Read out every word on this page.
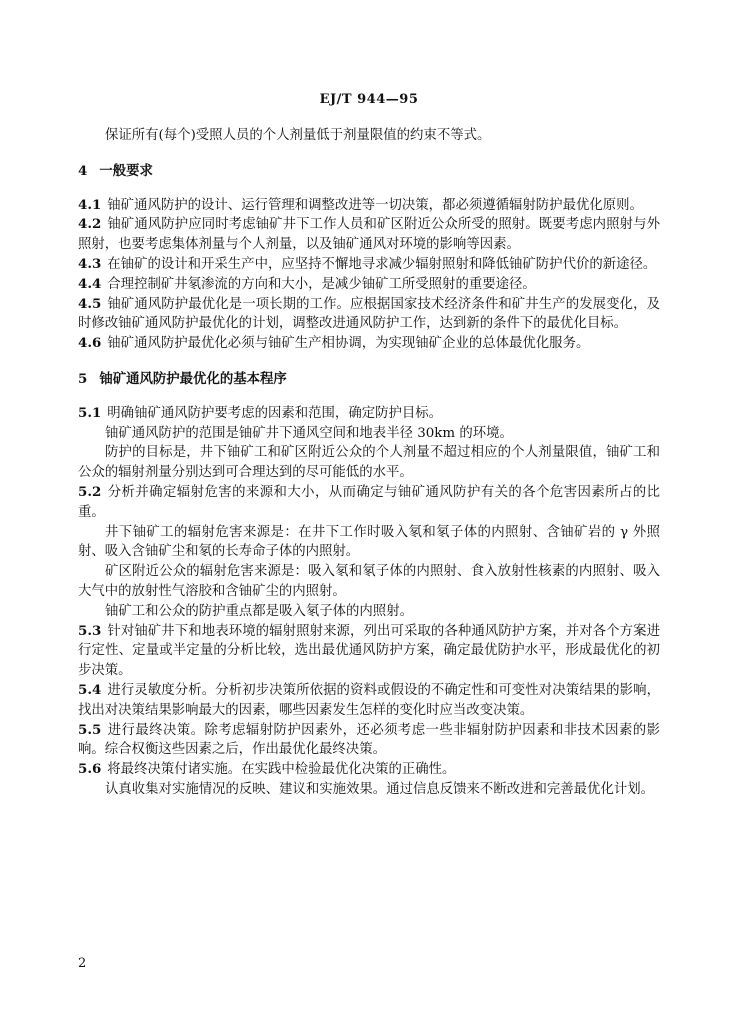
EJ/T 944—95

保证所有(每个)受照人员的个人剂量低于剂量限值的约束不等式。

4 一般要求

4.1 铀矿通风防护的设计、运行管理和调整改进等一切决策，都必须遵循辐射防护最优化原则。

4.2 铀矿通风防护应同时考虑铀矿井下工作人员和矿区附近公众所受的照射。既要考虑内照射与外照射，也要考虑集体剂量与个人剂量，以及铀矿通风对环境的影响等因素。

4.3 在铀矿的设计和开采生产中，应坚持不懈地寻求减少辐射照射和降低铀矿防护代价的新途径。

4.4 合理控制矿井氡渗流的方向和大小，是减少铀矿工所受照射的重要途径。

4.5 铀矿通风防护最优化是一项长期的工作。应根据国家技术经济条件和矿井生产的发展变化，及时修改铀矿通风防护最优化的计划，调整改进通风防护工作，达到新的条件下的最优化目标。

4.6 铀矿通风防护最优化必须与铀矿生产相协调，为实现铀矿企业的总体最优化服务。

5 铀矿通风防护最优化的基本程序

5.1 明确铀矿通风防护要考虑的因素和范围，确定防护目标。

铀矿通风防护的范围是铀矿井下通风空间和地表半径 30km 的环境。

防护的目标是，井下铀矿工和矿区附近公众的个人剂量不超过相应的个人剂量限值，铀矿工和公众的辐射剂量分别达到可合理达到的尽可能低的水平。

5.2 分析并确定辐射危害的来源和大小，从而确定与铀矿通风防护有关的各个危害因素所占的比重。

井下铀矿工的辐射危害来源是：在井下工作时吸入氡和氡子体的内照射、含铀矿岩的 γ 外照射、吸入含铀矿尘和氡的长寿命子体的内照射。

矿区附近公众的辐射危害来源是：吸入氡和氡子体的内照射、食入放射性核素的内照射、吸入大气中的放射性气溶胶和含铀矿尘的内照射。

铀矿工和公众的防护重点都是吸入氡子体的内照射。

5.3 针对铀矿井下和地表环境的辐射照射来源，列出可采取的各种通风防护方案，并对各个方案进行定性、定量或半定量的分析比较，选出最优通风防护方案，确定最优防护水平，形成最优化的初步决策。

5.4 进行灵敏度分析。分析初步决策所依据的资料或假设的不确定性和可变性对决策结果的影响，找出对决策结果影响最大的因素，哪些因素发生怎样的变化时应当改变决策。

5.5 进行最终决策。除考虑辐射防护因素外，还必须考虑一些非辐射防护因素和非技术因素的影响。综合权衡这些因素之后，作出最优化最终决策。

5.6 将最终决策付诸实施。在实践中检验最优化决策的正确性。

认真收集对实施情况的反映、建议和实施效果。通过信息反馈来不断改进和完善最优化计划。

2
